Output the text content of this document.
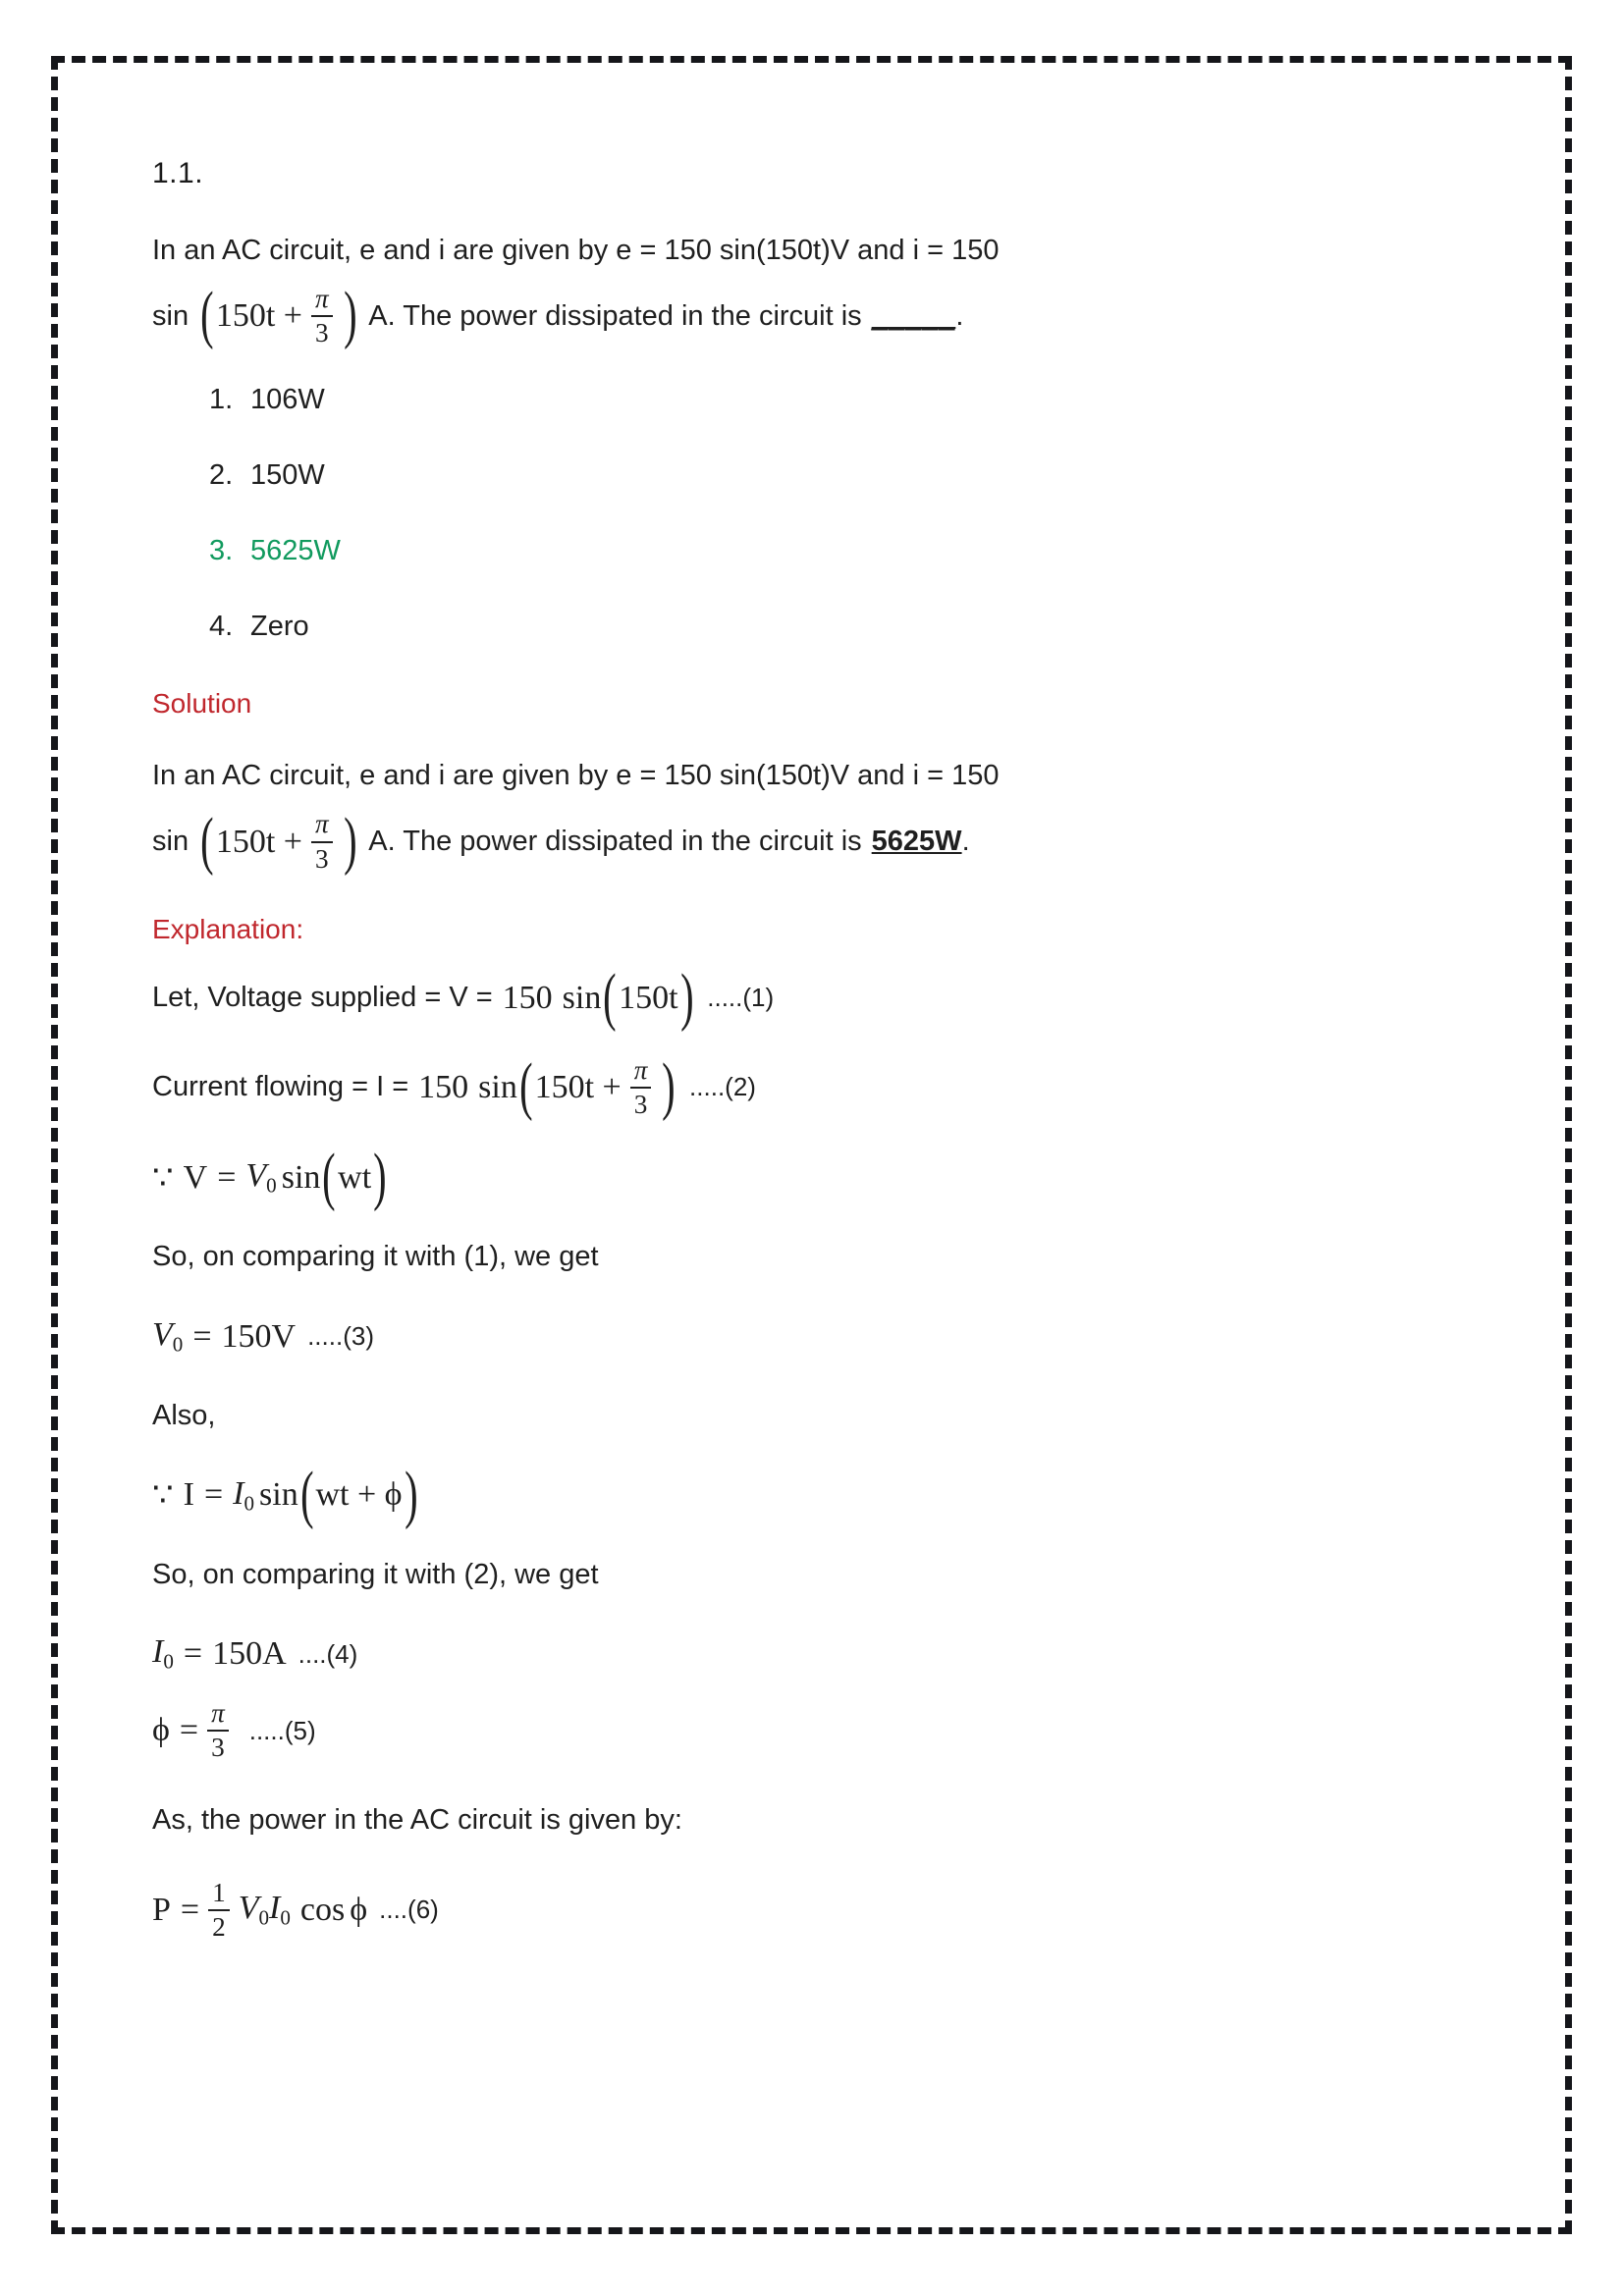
1.1.
In an AC circuit, e and i are given by e = 150 sin(150t)V and i = 150
sin ( $150t + \frac{\pi}{3}$ ) A. The power dissipated in the circuit is _____ .
1. 106W
2. 150W
3. 5625W
4. Zero
Solution
In an AC circuit, e and i are given by e = 150 sin(150t)V and i = 150
sin ( $150t + \frac{\pi}{3}$ ) A. The power dissipated in the circuit is 5625W .
Explanation:
Let, Voltage supplied = V = 150 sin ( 150t ) .....(1)
Current flowing = I = 150 sin ( $150t + \frac{\pi}{3}$ ) .....(2)
∵ $V = V_0$ sin ( wt )
So, on comparing it with (1), we get
$V_0 = 150V$ .....(3)
Also,
∵ $I = I_0$ sin ( wt + ϕ )
So, on comparing it with (2), we get
$I_0 = 150A$ ....(4)
$\phi = \frac{\pi}{3} .....(5)$
As, the power in the AC circuit is given by:
$P = \frac{1}{2} V_0$ $I_0$ cos ϕ ....(6)
